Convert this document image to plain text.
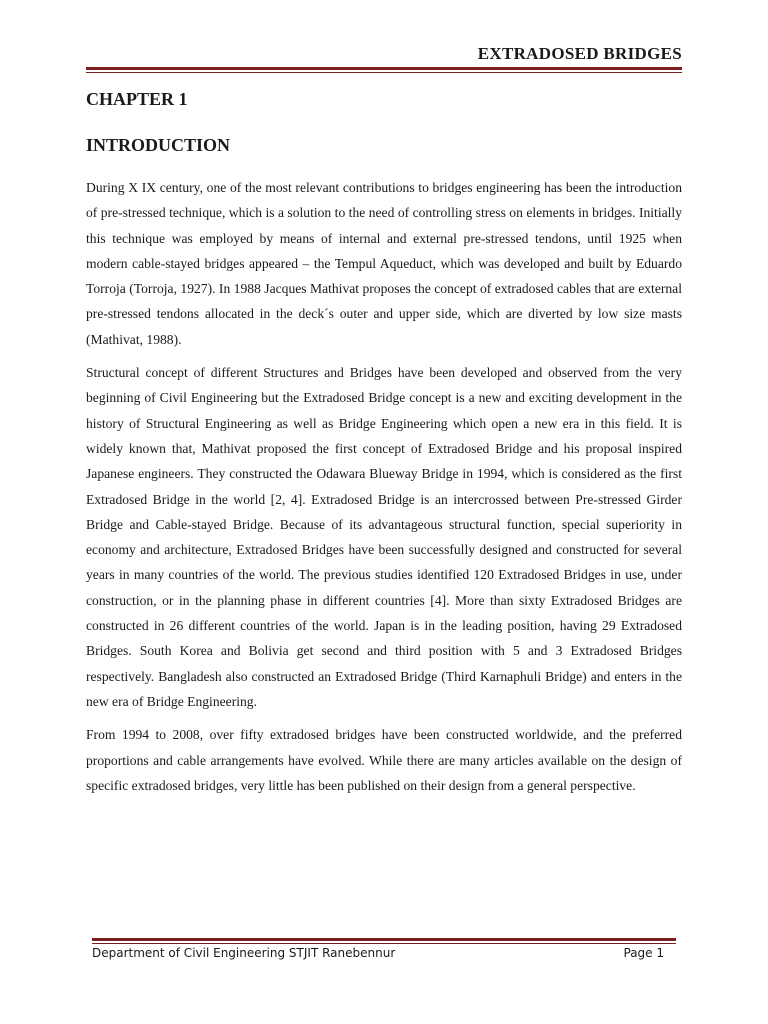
EXTRADOSED BRIDGES
CHAPTER 1
INTRODUCTION

During X IX century, one of the most relevant contributions to bridges engineering has been the introduction of pre-stressed technique, which is a solution to the need of controlling stress on elements in bridges. Initially this technique was employed by means of internal and external pre-stressed tendons, until 1925 when modern cable-stayed bridges appeared – the Tempul Aqueduct, which was developed and built by Eduardo Torroja (Torroja, 1927). In 1988 Jacques Mathivat proposes the concept of extradosed cables that are external pre-stressed tendons allocated in the deck´s outer and upper side, which are diverted by low size masts (Mathivat, 1988).

Structural concept of different Structures and Bridges have been developed and observed from the very beginning of Civil Engineering but the Extradosed Bridge concept is a new and exciting development in the history of Structural Engineering as well as Bridge Engineering which open a new era in this field. It is widely known that, Mathivat proposed the first concept of Extradosed Bridge and his proposal inspired Japanese engineers. They constructed the Odawara Blueway Bridge in 1994, which is considered as the first Extradosed Bridge in the world [2, 4]. Extradosed Bridge is an intercrossed between Pre-stressed Girder Bridge and Cable-stayed Bridge. Because of its advantageous structural function, special superiority in economy and architecture, Extradosed Bridges have been successfully designed and constructed for several years in many countries of the world. The previous studies identified 120 Extradosed Bridges in use, under construction, or in the planning phase in different countries [4]. More than sixty Extradosed Bridges are constructed in 26 different countries of the world. Japan is in the leading position, having 29 Extradosed Bridges. South Korea and Bolivia get second and third position with 5 and 3 Extradosed Bridges respectively. Bangladesh also constructed an Extradosed Bridge (Third Karnaphuli Bridge) and enters in the new era of Bridge Engineering.

From 1994 to 2008, over fifty extradosed bridges have been constructed worldwide, and the preferred proportions and cable arrangements have evolved. While there are many articles available on the design of specific extradosed bridges, very little has been published on their design from a general perspective.

Department of Civil Engineering STJIT Ranebennur	Page 1
